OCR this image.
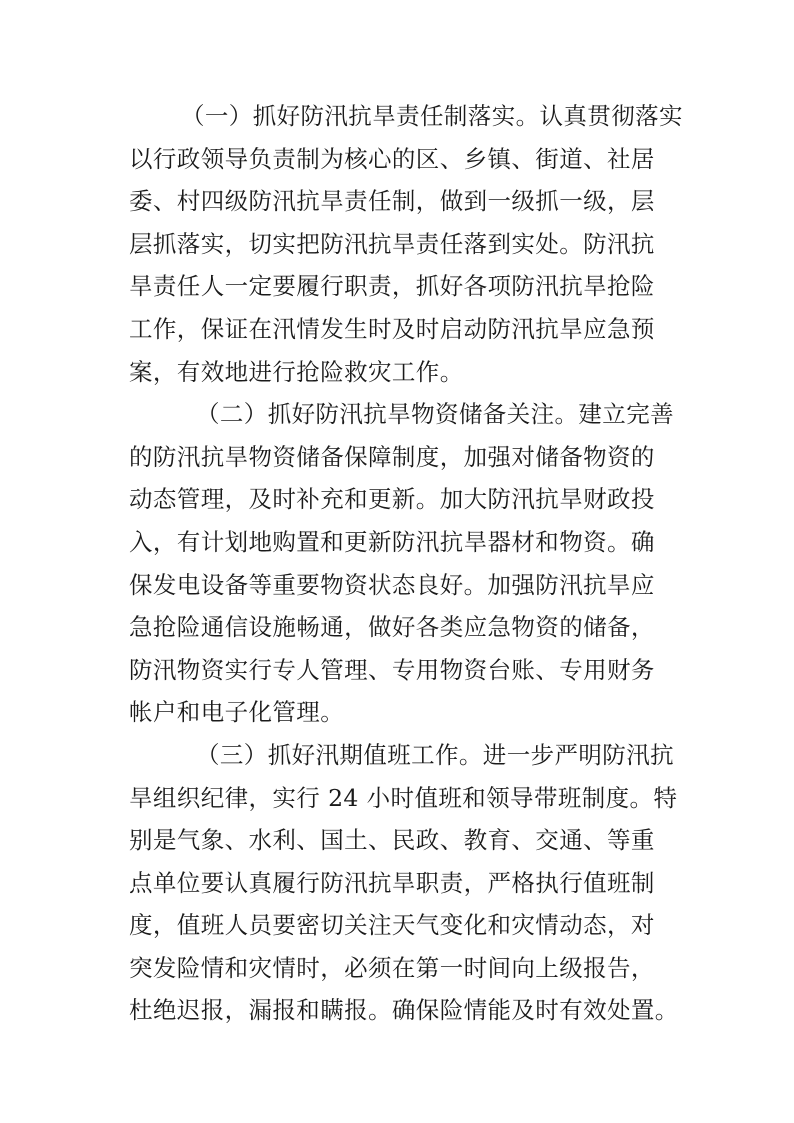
（一）抓好防汛抗旱责任制落实。认真贯彻落实
以行政领导负责制为核心的区、乡镇、街道、社居
委、村四级防汛抗旱责任制，做到一级抓一级，层
层抓落实，切实把防汛抗旱责任落到实处。防汛抗
旱责任人一定要履行职责，抓好各项防汛抗旱抢险
工作，保证在汛情发生时及时启动防汛抗旱应急预
案，有效地进行抢险救灾工作。
（二）抓好防汛抗旱物资储备关注。建立完善
的防汛抗旱物资储备保障制度，加强对储备物资的
动态管理，及时补充和更新。加大防汛抗旱财政投
入，有计划地购置和更新防汛抗旱器材和物资。确
保发电设备等重要物资状态良好。加强防汛抗旱应
急抢险通信设施畅通，做好各类应急物资的储备，
防汛物资实行专人管理、专用物资台账、专用财务
帐户和电子化管理。
（三）抓好汛期值班工作。进一步严明防汛抗
旱组织纪律，实行 24 小时值班和领导带班制度。特
别是气象、水利、国土、民政、教育、交通、等重
点单位要认真履行防汛抗旱职责，严格执行值班制
度，值班人员要密切关注天气变化和灾情动态，对
突发险情和灾情时，必须在第一时间向上级报告，
杜绝迟报，漏报和瞒报。确保险情能及时有效处置。
